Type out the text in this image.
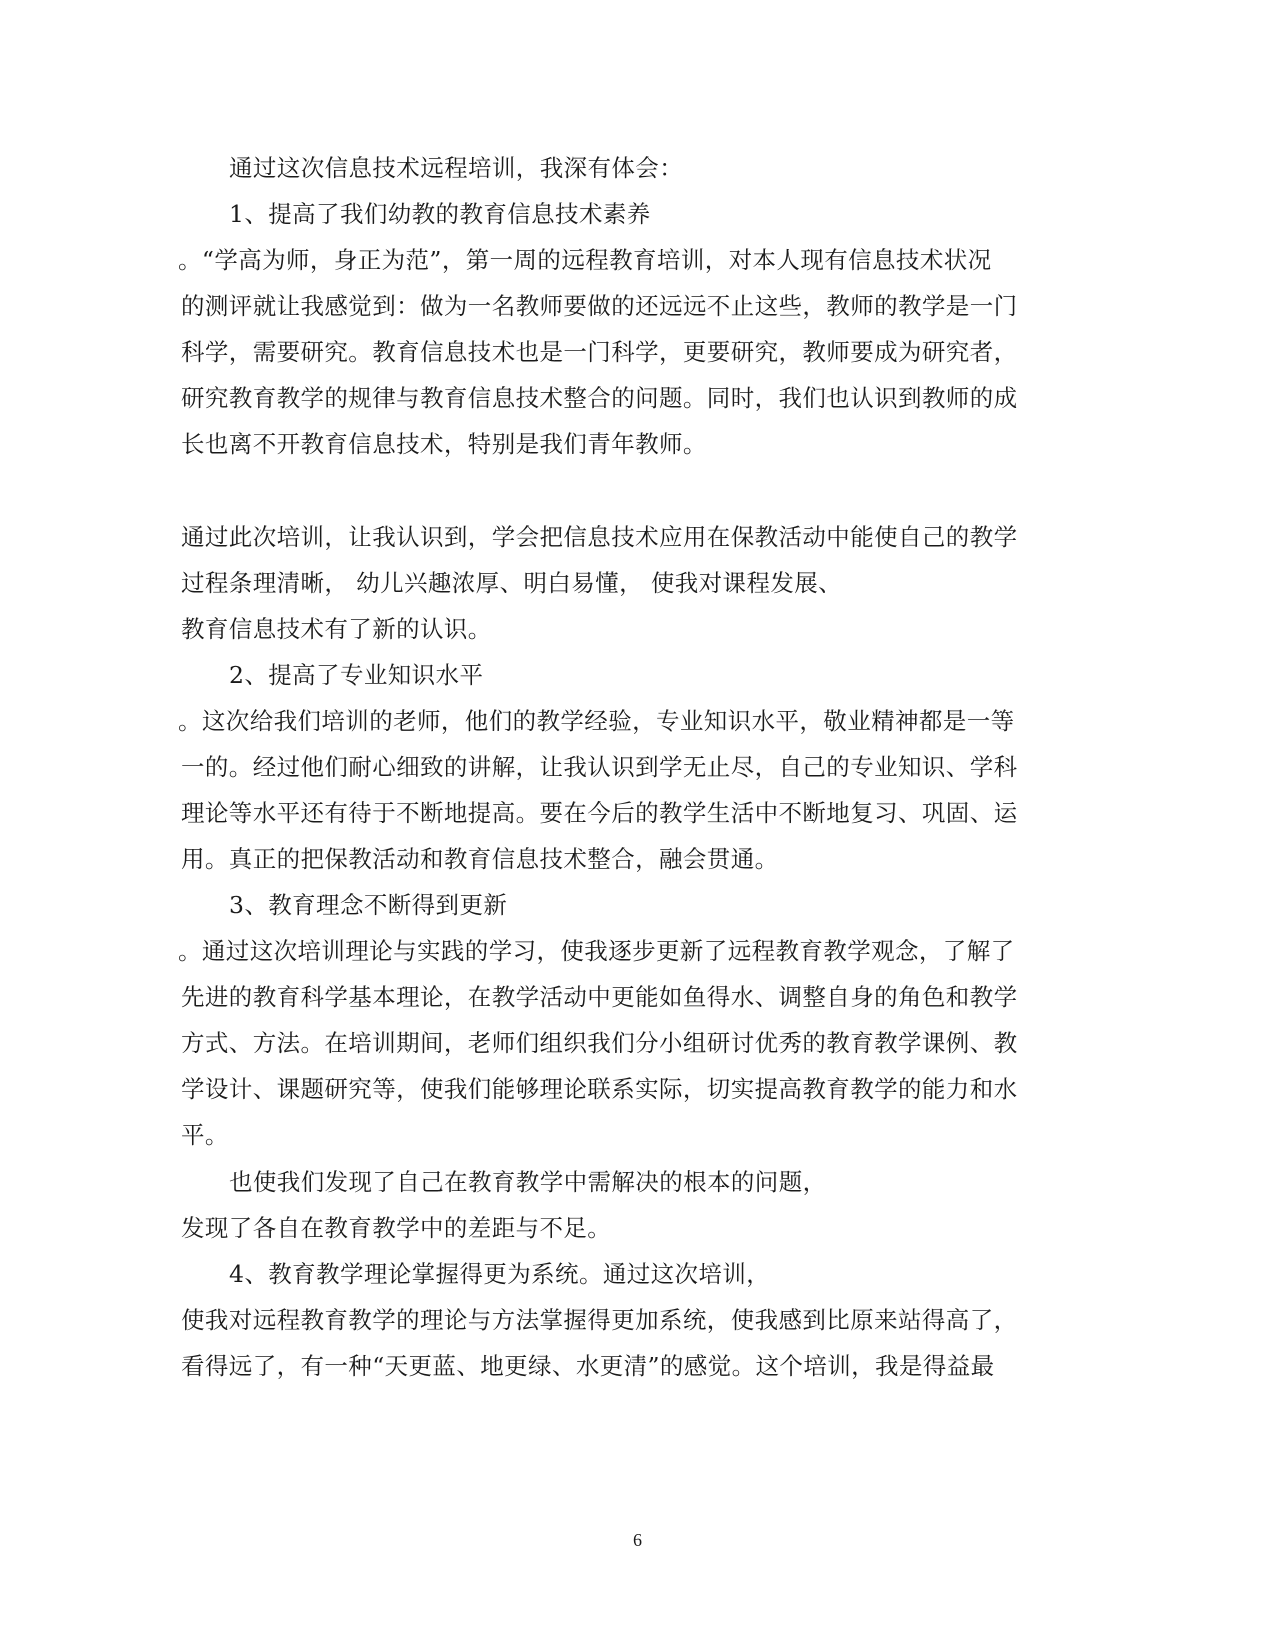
通过这次信息技术远程培训，我深有体会：
1、提高了我们幼教的教育信息技术素养
。“学高为师，身正为范”，第一周的远程教育培训，对本人现有信息技术状况
的测评就让我感觉到：做为一名教师要做的还远远不止这些，教师的教学是一门
科学，需要研究。教育信息技术也是一门科学，更要研究，教师要成为研究者，
研究教育教学的规律与教育信息技术整合的问题。同时，我们也认识到教师的成
长也离不开教育信息技术，特别是我们青年教师。
通过此次培训，让我认识到，学会把信息技术应用在保教活动中能使自己的教学
过程条理清晰， 幼儿兴趣浓厚、明白易懂， 使我对课程发展、
教育信息技术有了新的认识。
2、提高了专业知识水平
。这次给我们培训的老师，他们的教学经验，专业知识水平，敬业精神都是一等
一的。经过他们耐心细致的讲解，让我认识到学无止尽，自己的专业知识、学科
理论等水平还有待于不断地提高。要在今后的教学生活中不断地复习、巩固、运
用。真正的把保教活动和教育信息技术整合，融会贯通。
3、教育理念不断得到更新
。通过这次培训理论与实践的学习，使我逐步更新了远程教育教学观念，了解了
先进的教育科学基本理论，在教学活动中更能如鱼得水、调整自身的角色和教学
方式、方法。在培训期间，老师们组织我们分小组研讨优秀的教育教学课例、教
学设计、课题研究等，使我们能够理论联系实际，切实提高教育教学的能力和水
平。
也使我们发现了自己在教育教学中需解决的根本的问题，
发现了各自在教育教学中的差距与不足。
4、教育教学理论掌握得更为系统。通过这次培训，
使我对远程教育教学的理论与方法掌握得更加系统，使我感到比原来站得高了，
看得远了，有一种“天更蓝、地更绿、水更清”的感觉。这个培训，我是得益最
6
